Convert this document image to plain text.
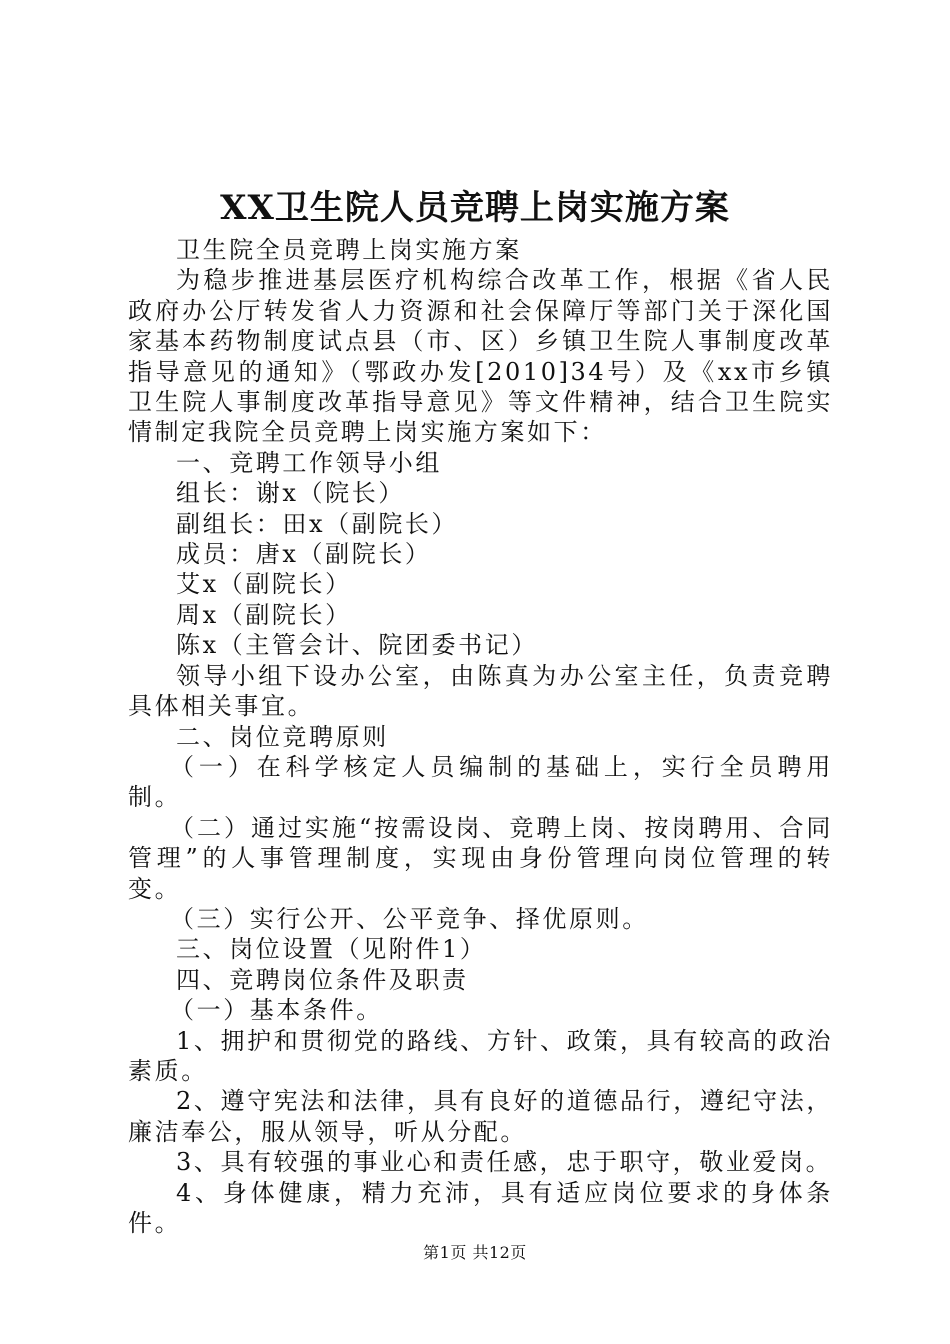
XX卫生院人员竞聘上岗实施方案

卫生院全员竞聘上岗实施方案

为稳步推进基层医疗机构综合改革工作，根据《省人民政府办公厅转发省人力资源和社会保障厅等部门关于深化国家基本药物制度试点县（市、区）乡镇卫生院人事制度改革指导意见的通知》（鄂政办发[2010]34号）及《xx市乡镇卫生院人事制度改革指导意见》等文件精神，结合卫生院实情制定我院全员竞聘上岗实施方案如下：

一、竞聘工作领导小组

组长：谢x（院长）

副组长：田x（副院长）

成员：唐x（副院长）

艾x（副院长）

周x（副院长）

陈x（主管会计、院团委书记）

领导小组下设办公室，由陈真为办公室主任，负责竞聘具体相关事宜。

二、岗位竞聘原则

（一）在科学核定人员编制的基础上，实行全员聘用制。

（二）通过实施“按需设岗、竞聘上岗、按岗聘用、合同管理”的人事管理制度，实现由身份管理向岗位管理的转变。

（三）实行公开、公平竞争、择优原则。

三、岗位设置（见附件1）

四、竞聘岗位条件及职责

（一）基本条件。

1、拥护和贯彻党的路线、方针、政策，具有较高的政治素质。

2、遵守宪法和法律，具有良好的道德品行，遵纪守法，廉洁奉公，服从领导，听从分配。

3、具有较强的事业心和责任感，忠于职守，敬业爱岗。

4、身体健康，精力充沛，具有适应岗位要求的身体条件。

第1页 共12页
